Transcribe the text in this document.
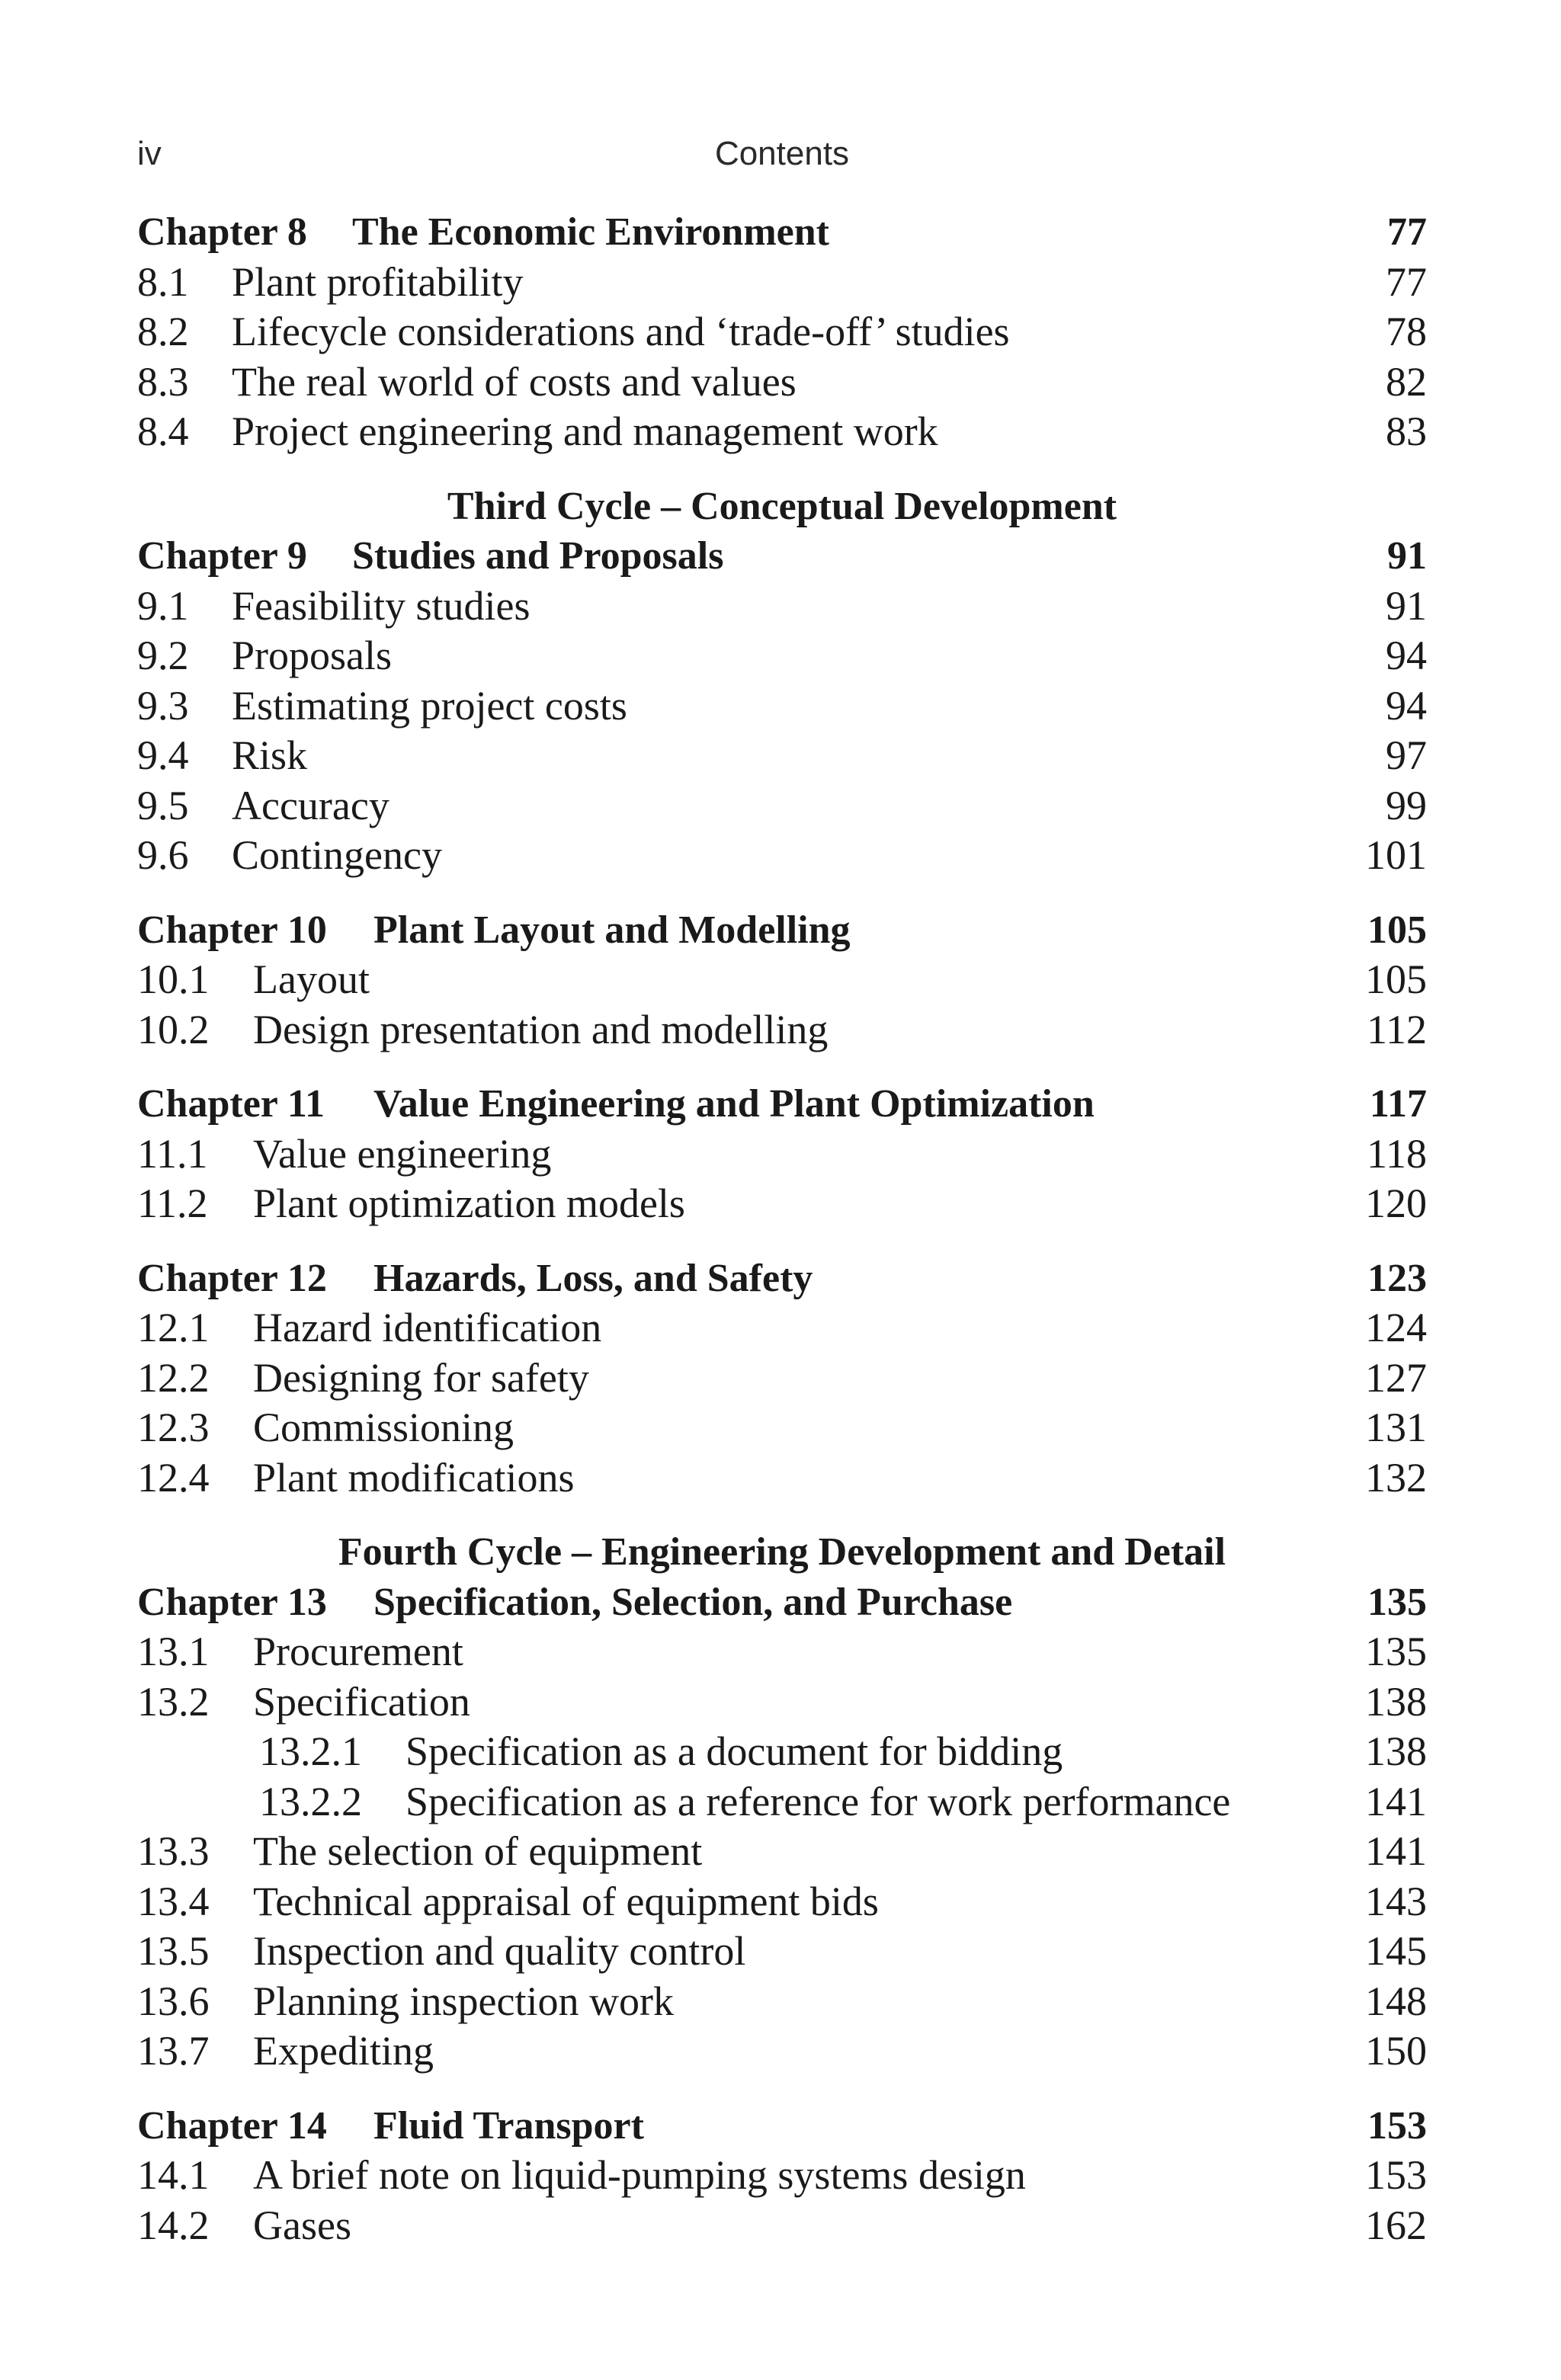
iv	Contents
Chapter 8 The Economic Environment	77
8.1 Plant profitability	77
8.2 Lifecycle considerations and ‘trade-off’ studies	78
8.3 The real world of costs and values	82
8.4 Project engineering and management work	83
Third Cycle – Conceptual Development
Chapter 9 Studies and Proposals	91
9.1 Feasibility studies	91
9.2 Proposals	94
9.3 Estimating project costs	94
9.4 Risk	97
9.5 Accuracy	99
9.6 Contingency	101
Chapter 10 Plant Layout and Modelling	105
10.1 Layout	105
10.2 Design presentation and modelling	112
Chapter 11 Value Engineering and Plant Optimization	117
11.1 Value engineering	118
11.2 Plant optimization models	120
Chapter 12 Hazards, Loss, and Safety	123
12.1 Hazard identification	124
12.2 Designing for safety	127
12.3 Commissioning	131
12.4 Plant modifications	132
Fourth Cycle – Engineering Development and Detail
Chapter 13 Specification, Selection, and Purchase	135
13.1 Procurement	135
13.2 Specification	138
13.2.1 Specification as a document for bidding	138
13.2.2 Specification as a reference for work performance	141
13.3 The selection of equipment	141
13.4 Technical appraisal of equipment bids	143
13.5 Inspection and quality control	145
13.6 Planning inspection work	148
13.7 Expediting	150
Chapter 14 Fluid Transport	153
14.1 A brief note on liquid-pumping systems design	153
14.2 Gases	162
